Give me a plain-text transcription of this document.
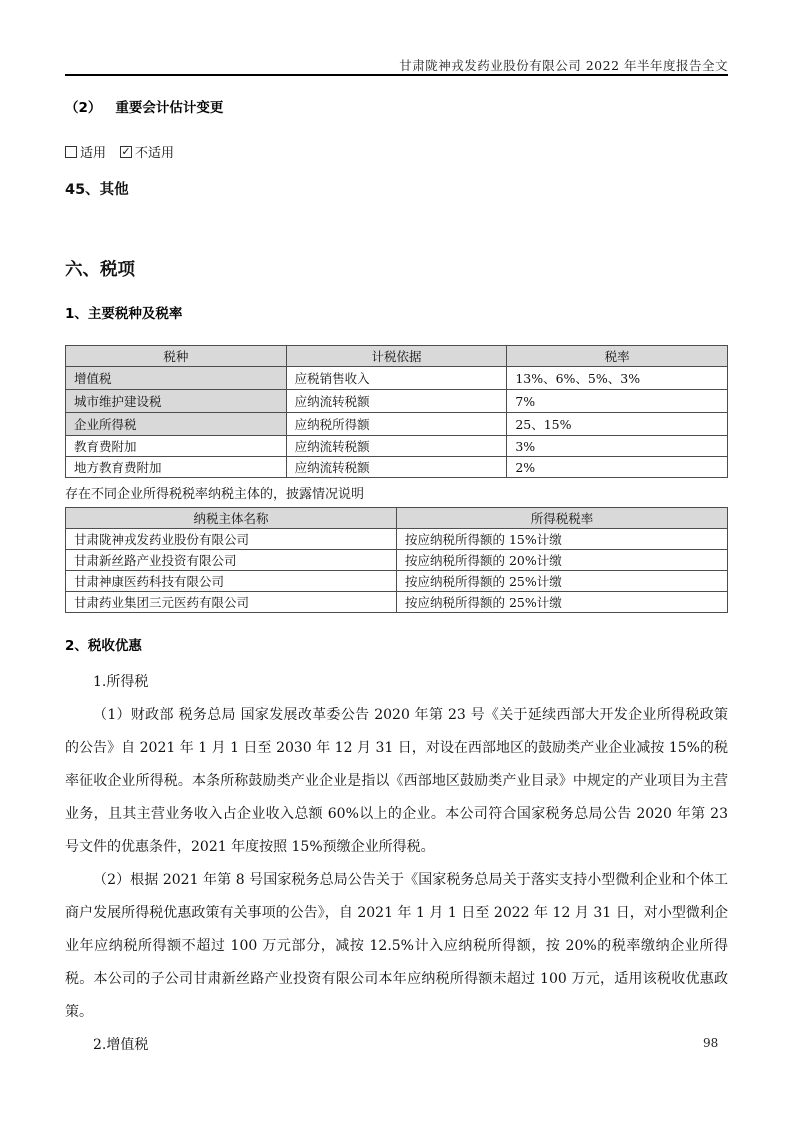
甘肃陇神戎发药业股份有限公司 2022 年半年度报告全文
（2） 重要会计估计变更
适用 ✓ 不适用
45、其他
六、税项
1、主要税种及税率
税种	计税依据	税率
增值税	应税销售收入	13%、6%、5%、3%
城市维护建设税	应纳流转税额	7%
企业所得税	应纳税所得额	25、15%
教育费附加	应纳流转税额	3%
地方教育费附加	应纳流转税额	2%
存在不同企业所得税税率纳税主体的，披露情况说明
纳税主体名称	所得税税率
甘肃陇神戎发药业股份有限公司	按应纳税所得额的 15%计缴
甘肃新丝路产业投资有限公司	按应纳税所得额的 20%计缴
甘肃神康医药科技有限公司	按应纳税所得额的 25%计缴
甘肃药业集团三元医药有限公司	按应纳税所得额的 25%计缴
2、税收优惠
1.所得税
（1）财政部 税务总局 国家发展改革委公告 2020 年第 23 号《关于延续西部大开发企业所得税政策的公告》自 2021 年 1 月 1 日至 2030 年 12 月 31 日，对设在西部地区的鼓励类产业企业减按 15%的税率征收企业所得税。本条所称鼓励类产业企业是指以《西部地区鼓励类产业目录》中规定的产业项目为主营业务，且其主营业务收入占企业收入总额 60%以上的企业。本公司符合国家税务总局公告 2020 年第 23 号文件的优惠条件，2021 年度按照 15%预缴企业所得税。
（2）根据 2021 年第 8 号国家税务总局公告关于《国家税务总局关于落实支持小型微利企业和个体工商户发展所得税优惠政策有关事项的公告》，自 2021 年 1 月 1 日至 2022 年 12 月 31 日，对小型微利企业年应纳税所得额不超过 100 万元部分，减按 12.5%计入应纳税所得额，按 20%的税率缴纳企业所得税。本公司的子公司甘肃新丝路产业投资有限公司本年应纳税所得额未超过 100 万元，适用该税收优惠政策。
2.增值税	98
